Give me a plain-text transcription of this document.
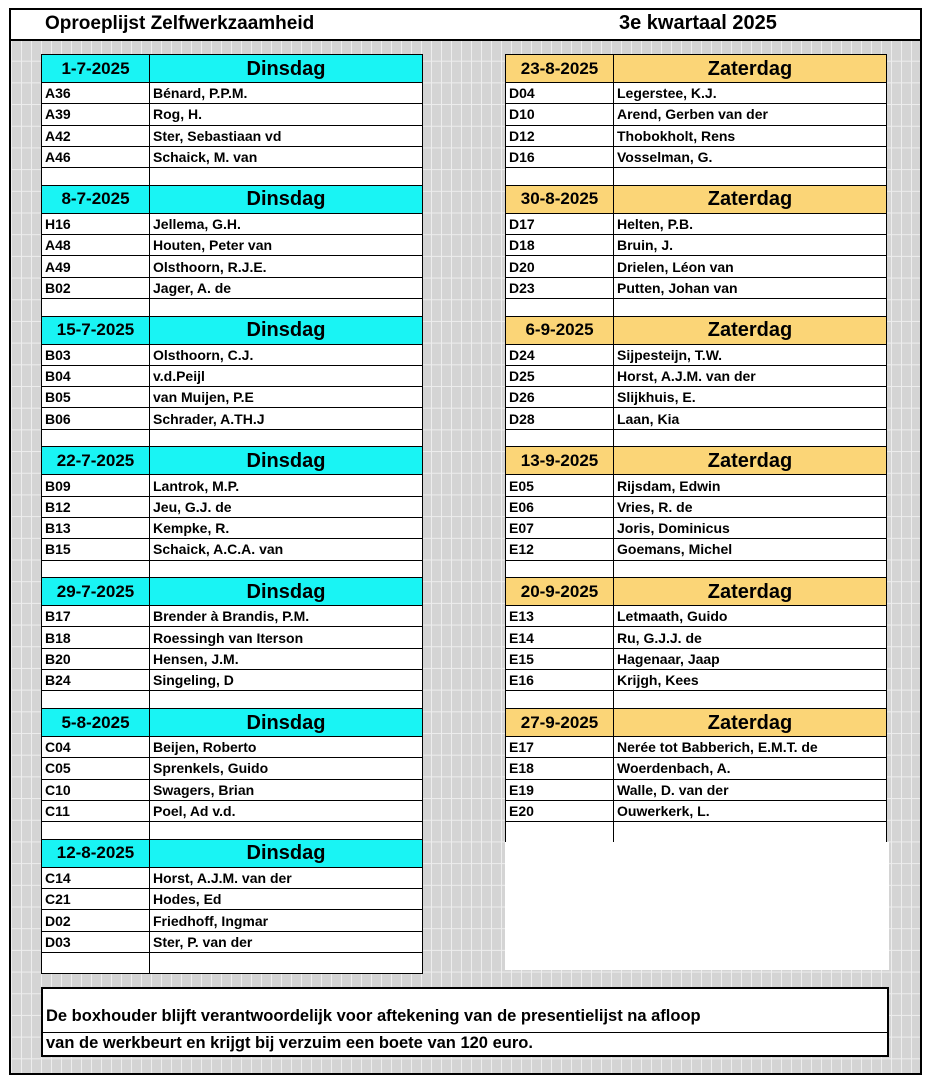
Oproeplijst Zelfwerkzaamheid	3e kwartaal 2025
1-7-2025	Dinsdag
A36	Bénard, P.P.M.
A39	Rog, H.
A42	Ster, Sebastiaan vd
A46	Schaick, M. van

8-7-2025	Dinsdag
H16	Jellema, G.H.
A48	Houten, Peter van
A49	Olsthoorn, R.J.E.
B02	Jager, A. de

15-7-2025	Dinsdag
B03	Olsthoorn, C.J.
B04	v.d.Peijl
B05	van Muijen, P.E
B06	Schrader, A.TH.J

22-7-2025	Dinsdag
B09	Lantrok, M.P.
B12	Jeu, G.J. de
B13	Kempke, R.
B15	Schaick, A.C.A. van

29-7-2025	Dinsdag
B17	Brender à Brandis, P.M.
B18	Roessingh van Iterson
B20	Hensen, J.M.
B24	Singeling, D

5-8-2025	Dinsdag
C04	Beijen, Roberto
C05	Sprenkels, Guido
C10	Swagers, Brian
C11	Poel, Ad v.d.

12-8-2025	Dinsdag
C14	Horst, A.J.M. van der
C21	Hodes, Ed
D02	Friedhoff, Ingmar
D03	Ster, P. van der

23-8-2025	Zaterdag
D04	Legerstee, K.J.
D10	Arend, Gerben van der
D12	Thobokholt, Rens
D16	Vosselman, G.

30-8-2025	Zaterdag
D17	Helten, P.B.
D18	Bruin, J.
D20	Drielen, Léon van
D23	Putten, Johan van

6-9-2025	Zaterdag
D24	Sijpesteijn, T.W.
D25	Horst, A.J.M. van der
D26	Slijkhuis, E.
D28	Laan, Kia

13-9-2025	Zaterdag
E05	Rijsdam, Edwin
E06	Vries, R. de
E07	Joris, Dominicus
E12	Goemans, Michel

20-9-2025	Zaterdag
E13	Letmaath, Guido
E14	Ru, G.J.J. de
E15	Hagenaar, Jaap
E16	Krijgh, Kees

27-9-2025	Zaterdag
E17	Nerée tot Babberich, E.M.T. de
E18	Woerdenbach, A.
E19	Walle, D. van der
E20	Ouwerkerk, L.

De boxhouder blijft verantwoordelijk voor aftekening van de presentielijst na afloop
van de werkbeurt en krijgt bij verzuim een boete van 120 euro.
